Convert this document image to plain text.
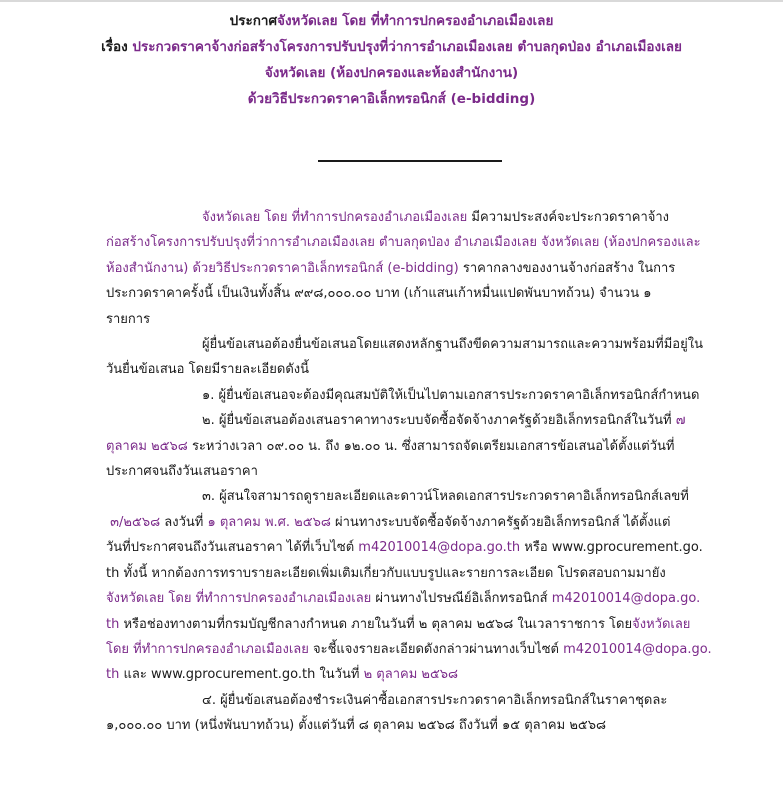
ประกาศจังหวัดเลย โดย ที่ทำการปกครองอำเภอเมืองเลย
เรื่อง ประกวดราคาจ้างก่อสร้างโครงการปรับปรุงที่ว่าการอำเภอเมืองเลย ตำบลกุดป่อง อำเภอเมืองเลย
จังหวัดเลย (ห้องปกครองและห้องสำนักงาน)
ด้วยวิธีประกวดราคาอิเล็กทรอนิกส์ (e-bidding)
จังหวัดเลย โดย ที่ทำการปกครองอำเภอเมืองเลย มีความประสงค์จะประกวดราคาจ้าง
ก่อสร้างโครงการปรับปรุงที่ว่าการอำเภอเมืองเลย ตำบลกุดป่อง อำเภอเมืองเลย จังหวัดเลย (ห้องปกครองและ
ห้องสำนักงาน) ด้วยวิธีประกวดราคาอิเล็กทรอนิกส์ (e-bidding) ราคากลางของงานจ้างก่อสร้าง ในการ
ประกวดราคาครั้งนี้ เป็นเงินทั้งสิ้น ๙๙๘,๐๐๐.๐๐ บาท (เก้าแสนเก้าหมื่นแปดพันบาทถ้วน) จำนวน ๑
รายการ
ผู้ยื่นข้อเสนอต้องยื่นข้อเสนอโดยแสดงหลักฐานถึงขีดความสามารถและความพร้อมที่มีอยู่ใน
วันยื่นข้อเสนอ โดยมีรายละเอียดดังนี้
๑. ผู้ยื่นข้อเสนอจะต้องมีคุณสมบัติให้เป็นไปตามเอกสารประกวดราคาอิเล็กทรอนิกส์กำหนด
๒. ผู้ยื่นข้อเสนอต้องเสนอราคาทางระบบจัดซื้อจัดจ้างภาครัฐด้วยอิเล็กทรอนิกส์ในวันที่ ๗
ตุลาคม ๒๕๖๘ ระหว่างเวลา ๐๙.๐๐ น. ถึง ๑๒.๐๐ น. ซึ่งสามารถจัดเตรียมเอกสารข้อเสนอได้ตั้งแต่วันที่
ประกาศจนถึงวันเสนอราคา
๓. ผู้สนใจสามารถดูรายละเอียดและดาวน์โหลดเอกสารประกวดราคาอิเล็กทรอนิกส์เลขที่
๓/๒๕๖๘ ลงวันที่ ๑ ตุลาคม พ.ศ. ๒๕๖๘ ผ่านทางระบบจัดซื้อจัดจ้างภาครัฐด้วยอิเล็กทรอนิกส์ ได้ตั้งแต่
วันที่ประกาศจนถึงวันเสนอราคา ได้ที่เว็บไซต์ m42010014@dopa.go.th หรือ www.gprocurement.go.
th ทั้งนี้ หากต้องการทราบรายละเอียดเพิ่มเติมเกี่ยวกับแบบรูปและรายการละเอียด โปรดสอบถามมายัง
จังหวัดเลย โดย ที่ทำการปกครองอำเภอเมืองเลย ผ่านทางไปรษณีย์อิเล็กทรอนิกส์ m42010014@dopa.go.
th หรือช่องทางตามที่กรมบัญชีกลางกำหนด ภายในวันที่ ๒ ตุลาคม ๒๕๖๘ ในเวลาราชการ โดยจังหวัดเลย
โดย ที่ทำการปกครองอำเภอเมืองเลย จะชี้แจงรายละเอียดดังกล่าวผ่านทางเว็บไซต์ m42010014@dopa.go.
th และ www.gprocurement.go.th ในวันที่ ๒ ตุลาคม ๒๕๖๘
๔. ผู้ยื่นข้อเสนอต้องชำระเงินค่าซื้อเอกสารประกวดราคาอิเล็กทรอนิกส์ในราคาชุดละ
๑,๐๐๐.๐๐ บาท (หนึ่งพันบาทถ้วน) ตั้งแต่วันที่ ๘ ตุลาคม ๒๕๖๘ ถึงวันที่ ๑๕ ตุลาคม ๒๕๖๘
